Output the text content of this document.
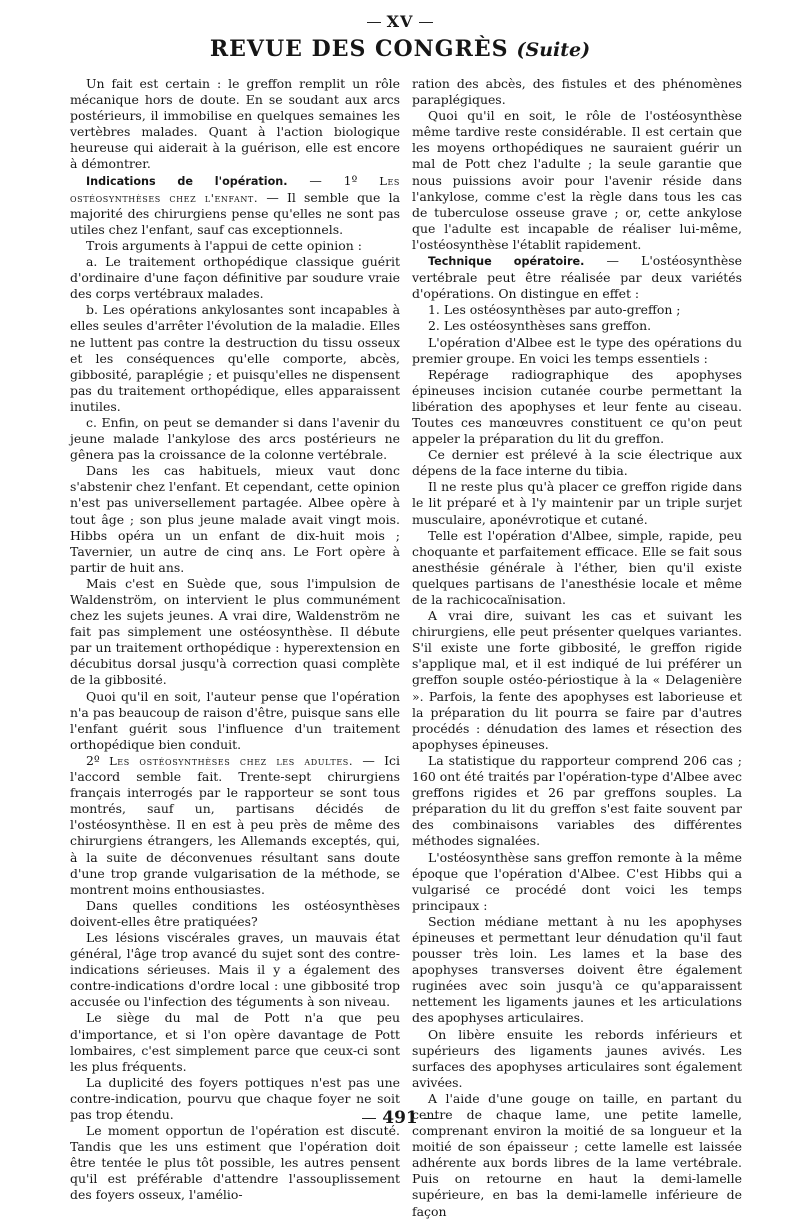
XV
REVUE DES CONGRÈS (Suite)

Un fait est certain : le greffon remplit un rôle mécanique hors de doute. En se soudant aux arcs postérieurs, il immobilise en quelques semaines les vertèbres malades. Quant à l'action biologique heureuse qui aiderait à la guérison, elle est encore à démontrer.

Indications de l'opération. — 1º Les ostéosynthèses chez l'enfant. — Il semble que la majorité des chirurgiens pense qu'elles ne sont pas utiles chez l'enfant, sauf cas exceptionnels.

Trois arguments à l'appui de cette opinion :

a. Le traitement orthopédique classique guérit d'ordinaire d'une façon définitive par soudure vraie des corps vertébraux malades.

b. Les opérations ankylosantes sont incapables à elles seules d'arrêter l'évolution de la maladie. Elles ne luttent pas contre la destruction du tissu osseux et les conséquences qu'elle comporte, abcès, gibbosité, paraplégie ; et puisqu'elles ne dispensent pas du traitement orthopédique, elles apparaissent inutiles.

c. Enfin, on peut se demander si dans l'avenir du jeune malade l'ankylose des arcs postérieurs ne gênera pas la croissance de la colonne vertébrale.

Dans les cas habituels, mieux vaut donc s'abstenir chez l'enfant. Et cependant, cette opinion n'est pas universellement partagée. Albee opère à tout âge ; son plus jeune malade avait vingt mois. Hibbs opéra un un enfant de dix-huit mois ; Tavernier, un autre de cinq ans. Le Fort opère à partir de huit ans.

Mais c'est en Suède que, sous l'impulsion de Waldenström, on intervient le plus communément chez les sujets jeunes. A vrai dire, Waldenström ne fait pas simplement une ostéosynthèse. Il débute par un traitement orthopédique : hyperextension en décubitus dorsal jusqu'à correction quasi complète de la gibbosité.

Quoi qu'il en soit, l'auteur pense que l'opération n'a pas beaucoup de raison d'être, puisque sans elle l'enfant guérit sous l'influence d'un traitement orthopédique bien conduit.

2º Les ostéosynthèses chez les adultes. — Ici l'accord semble fait. Trente-sept chirurgiens français interrogés par le rapporteur se sont tous montrés, sauf un, partisans décidés de l'ostéosynthèse. Il en est à peu près de même des chirurgiens étrangers, les Allemands exceptés, qui, à la suite de déconvenues résultant sans doute d'une trop grande vulgarisation de la méthode, se montrent moins enthousiastes.

Dans quelles conditions les ostéosynthèses doivent-elles être pratiquées?

Les lésions viscérales graves, un mauvais état général, l'âge trop avancé du sujet sont des contre-indications sérieuses. Mais il y a également des contre-indications d'ordre local : une gibbosité trop accusée ou l'infection des téguments à son niveau.

Le siège du mal de Pott n'a que peu d'importance, et si l'on opère davantage de Pott lombaires, c'est simplement parce que ceux-ci sont les plus fréquents.

La duplicité des foyers pottiques n'est pas une contre-indication, pourvu que chaque foyer ne soit pas trop étendu.

Le moment opportun de l'opération est discuté. Tandis que les uns estiment que l'opération doit être tentée le plus tôt possible, les autres pensent qu'il est préférable d'attendre l'assouplissement des foyers osseux, l'amélio-

ration des abcès, des fistules et des phénomènes paraplégiques.

Quoi qu'il en soit, le rôle de l'ostéosynthèse même tardive reste considérable. Il est certain que les moyens orthopédiques ne sauraient guérir un mal de Pott chez l'adulte ; la seule garantie que nous puissions avoir pour l'avenir réside dans l'ankylose, comme c'est la règle dans tous les cas de tuberculose osseuse grave ; or, cette ankylose que l'adulte est incapable de réaliser lui-même, l'ostéosynthèse l'établit rapidement.

Technique opératoire. — L'ostéosynthèse vertébrale peut être réalisée par deux variétés d'opérations. On distingue en effet :

1. Les ostéosynthèses par auto-greffon ;

2. Les ostéosynthèses sans greffon.

L'opération d'Albee est le type des opérations du premier groupe. En voici les temps essentiels :

Repérage radiographique des apophyses épineuses incision cutanée courbe permettant la libération des apophyses et leur fente au ciseau. Toutes ces manœuvres constituent ce qu'on peut appeler la préparation du lit du greffon.

Ce dernier est prélevé à la scie électrique aux dépens de la face interne du tibia.

Il ne reste plus qu'à placer ce greffon rigide dans le lit préparé et à l'y maintenir par un triple surjet musculaire, aponévrotique et cutané.

Telle est l'opération d'Albee, simple, rapide, peu choquante et parfaitement efficace. Elle se fait sous anesthésie générale à l'éther, bien qu'il existe quelques partisans de l'anesthésie locale et même de la rachicocaïnisation.

A vrai dire, suivant les cas et suivant les chirurgiens, elle peut présenter quelques variantes. S'il existe une forte gibbosité, le greffon rigide s'applique mal, et il est indiqué de lui préférer un greffon souple ostéo-périostique à la « Delagenière ». Parfois, la fente des apophyses est laborieuse et la préparation du lit pourra se faire par d'autres procédés : dénudation des lames et résection des apophyses épineuses.

La statistique du rapporteur comprend 206 cas ; 160 ont été traités par l'opération-type d'Albee avec greffons rigides et 26 par greffons souples. La préparation du lit du greffon s'est faite souvent par des combinaisons variables des différentes méthodes signalées.

L'ostéosynthèse sans greffon remonte à la même époque que l'opération d'Albee. C'est Hibbs qui a vulgarisé ce procédé dont voici les temps principaux :

Section médiane mettant à nu les apophyses épineuses et permettant leur dénudation qu'il faut pousser très loin. Les lames et la base des apophyses transverses doivent être également ruginées avec soin jusqu'à ce qu'apparaissent nettement les ligaments jaunes et les articulations des apophyses articulaires.

On libère ensuite les rebords inférieurs et supérieurs des ligaments jaunes avivés. Les surfaces des apophyses articulaires sont également avivées.

A l'aide d'une gouge on taille, en partant du centre de chaque lame, une petite lamelle, comprenant environ la moitié de sa longueur et la moitié de son épaisseur ; cette lamelle est laissée adhérente aux bords libres de la lame vertébrale. Puis on retourne en haut la demi-lamelle supérieure, en bas la demi-lamelle inférieure de façon

491
